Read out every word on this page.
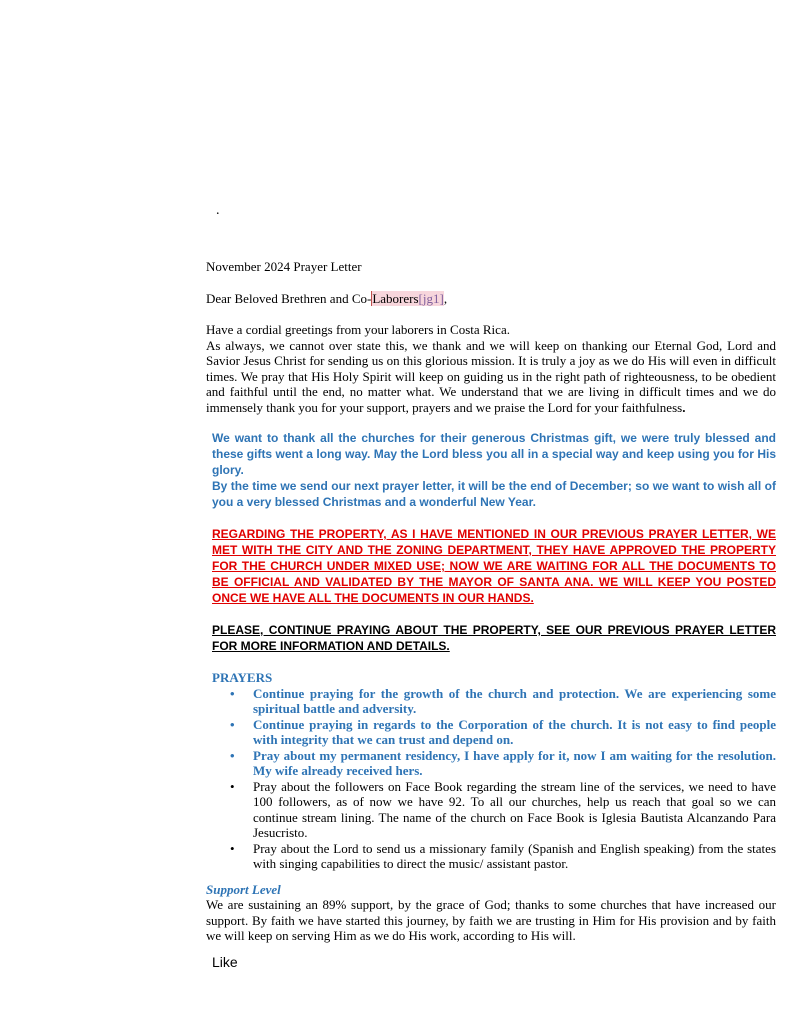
.

November 2024 Prayer Letter

Dear Beloved Brethren and Co-Laborers[jg1],

Have a cordial greetings from your laborers in Costa Rica.

As always, we cannot over state this, we thank and we will keep on thanking our Eternal God, Lord and Savior Jesus Christ for sending us on this glorious mission. It is truly a joy as we do His will even in difficult times. We pray that His Holy Spirit will keep on guiding us in the right path of righteousness, to be obedient and faithful until the end, no matter what. We understand that we are living in difficult times and we do immensely thank you for your support, prayers and we praise the Lord for your faithfulness.

We want to thank all the churches for their generous Christmas gift, we were truly blessed and these gifts went a long way. May the Lord bless you all in a special way and keep using you for His glory.

By the time we send our next prayer letter, it will be the end of December; so we want to wish all of you a very blessed Christmas and a wonderful New Year.

REGARDING THE PROPERTY, AS I HAVE MENTIONED IN OUR PREVIOUS PRAYER LETTER, WE MET WITH THE CITY AND THE ZONING DEPARTMENT, THEY HAVE APPROVED THE PROPERTY FOR THE CHURCH UNDER MIXED USE; NOW WE ARE WAITING FOR ALL THE DOCUMENTS TO BE OFFICIAL AND VALIDATED BY THE MAYOR OF SANTA ANA. WE WILL KEEP YOU POSTED ONCE WE HAVE ALL THE DOCUMENTS IN OUR HANDS.

PLEASE, CONTINUE PRAYING ABOUT THE PROPERTY, SEE OUR PREVIOUS PRAYER LETTER FOR MORE INFORMATION AND DETAILS.

PRAYERS
• Continue praying for the growth of the church and protection. We are experiencing some spiritual battle and adversity.
• Continue praying in regards to the Corporation of the church. It is not easy to find people with integrity that we can trust and depend on.
• Pray about my permanent residency, I have apply for it, now I am waiting for the resolution. My wife already received hers.
• Pray about the followers on Face Book regarding the stream line of the services, we need to have 100 followers, as of now we have 92. To all our churches, help us reach that goal so we can continue stream lining. The name of the church on Face Book is Iglesia Bautista Alcanzando Para Jesucristo.
• Pray about the Lord to send us a missionary family (Spanish and English speaking) from the states with singing capabilities to direct the music/ assistant pastor.
Support Level

We are sustaining an 89% support, by the grace of God; thanks to some churches that have increased our support. By faith we have started this journey, by faith we are trusting in Him for His provision and by faith we will keep on serving Him as we do His work, according to His will.

Like
